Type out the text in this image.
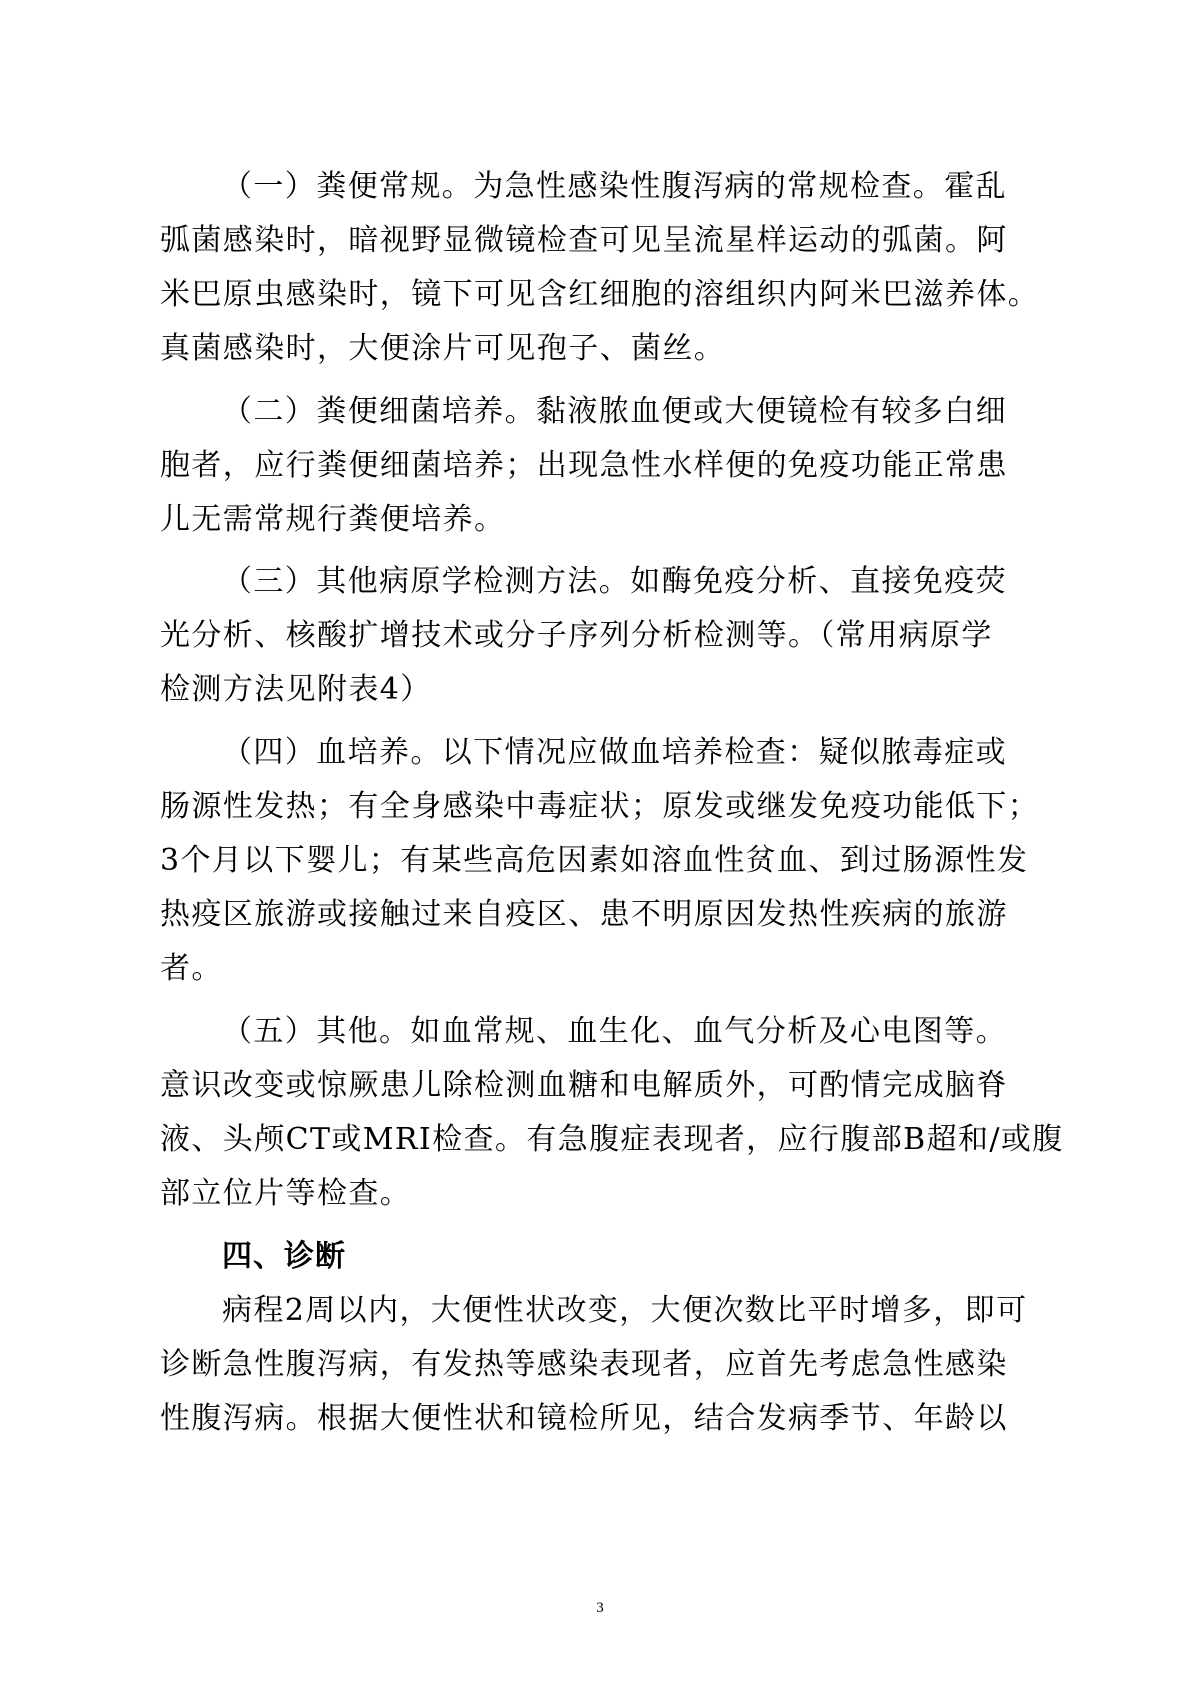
（一）粪便常规。为急性感染性腹泻病的常规检查。霍乱
弧菌感染时，暗视野显微镜检查可见呈流星样运动的弧菌。阿
米巴原虫感染时，镜下可见含红细胞的溶组织内阿米巴滋养体。
真菌感染时，大便涂片可见孢子、菌丝。
（二）粪便细菌培养。黏液脓血便或大便镜检有较多白细
胞者，应行粪便细菌培养；出现急性水样便的免疫功能正常患
儿无需常规行粪便培养。
（三）其他病原学检测方法。如酶免疫分析、直接免疫荧
光分析、核酸扩增技术或分子序列分析检测等。（常用病原学
检测方法见附表4）
（四）血培养。以下情况应做血培养检查：疑似脓毒症或
肠源性发热；有全身感染中毒症状；原发或继发免疫功能低下；
3个月以下婴儿；有某些高危因素如溶血性贫血、到过肠源性发
热疫区旅游或接触过来自疫区、患不明原因发热性疾病的旅游
者。
（五）其他。如血常规、血生化、血气分析及心电图等。
意识改变或惊厥患儿除检测血糖和电解质外，可酌情完成脑脊
液、头颅CT或MRI检查。有急腹症表现者，应行腹部B超和/或腹
部立位片等检查。
四、诊断
病程2周以内，大便性状改变，大便次数比平时增多，即可
诊断急性腹泻病，有发热等感染表现者，应首先考虑急性感染
性腹泻病。根据大便性状和镜检所见，结合发病季节、年龄以
3
